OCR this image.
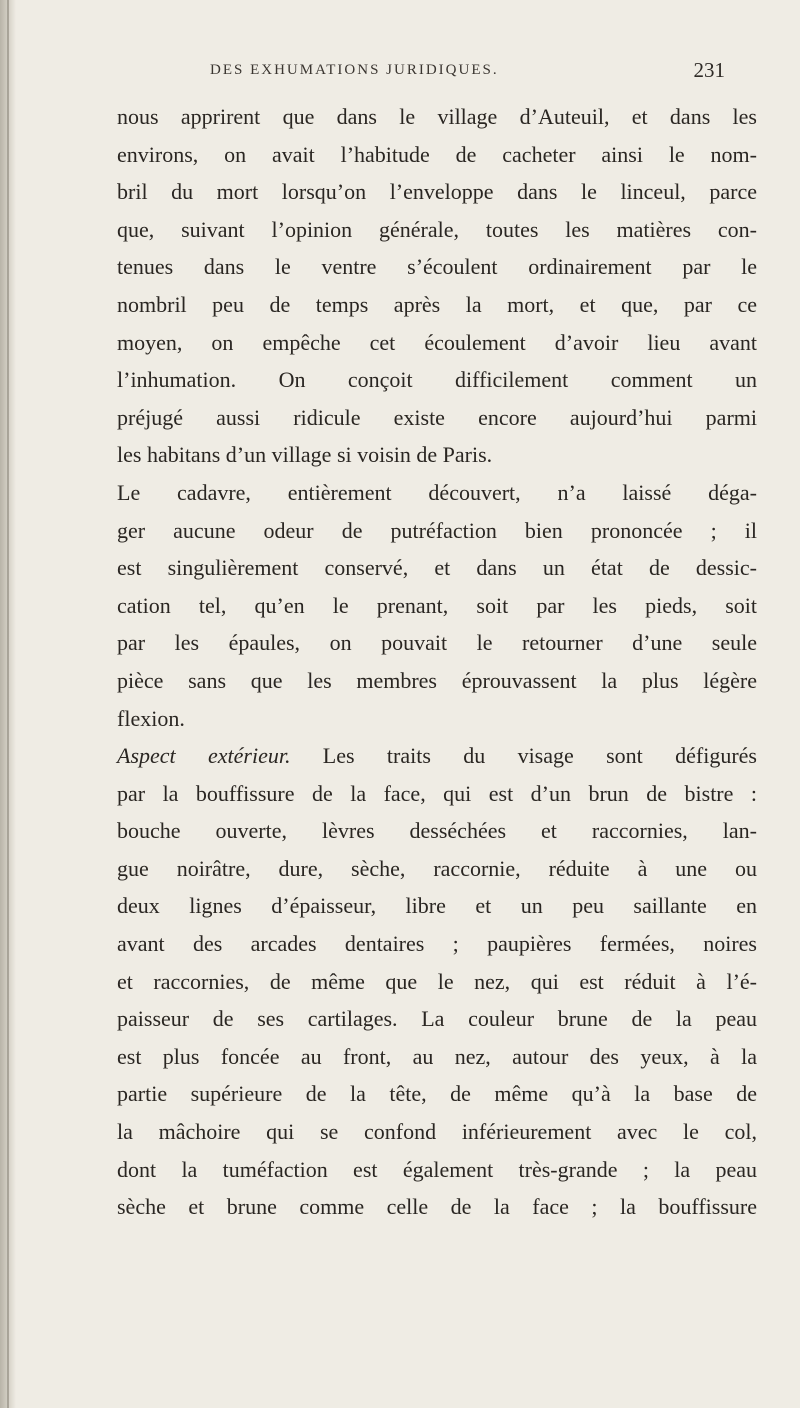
DES EXHUMATIONS JURIDIQUES.	231
nous apprirent que dans le village d’Auteuil, et dans les
environs, on avait l’habitude de cacheter ainsi le nom-
bril du mort lorsqu’on l’enveloppe dans le linceul, parce
que, suivant l’opinion générale, toutes les matières con-
tenues dans le ventre s’écoulent ordinairement par le
nombril peu de temps après la mort, et que, par ce
moyen, on empêche cet écoulement d’avoir lieu avant
l’inhumation. On conçoit difficilement comment un
préjugé aussi ridicule existe encore aujourd’hui parmi
les habitans d’un village si voisin de Paris.
Le cadavre, entièrement découvert, n’a laissé déga-
ger aucune odeur de putréfaction bien prononcée ; il
est singulièrement conservé, et dans un état de dessic-
cation tel, qu’en le prenant, soit par les pieds, soit
par les épaules, on pouvait le retourner d’une seule
pièce sans que les membres éprouvassent la plus légère
flexion.
Aspect extérieur. Les traits du visage sont défigurés
par la bouffissure de la face, qui est d’un brun de bistre :
bouche ouverte, lèvres desséchées et raccornies, lan-
gue noirâtre, dure, sèche, raccornie, réduite à une ou
deux lignes d’épaisseur, libre et un peu saillante en
avant des arcades dentaires ; paupières fermées, noires
et raccornies, de même que le nez, qui est réduit à l’é-
paisseur de ses cartilages. La couleur brune de la peau
est plus foncée au front, au nez, autour des yeux, à la
partie supérieure de la tête, de même qu’à la base de
la mâchoire qui se confond inférieurement avec le col,
dont la tuméfaction est également très-grande ; la peau
sèche et brune comme celle de la face ; la bouffissure
